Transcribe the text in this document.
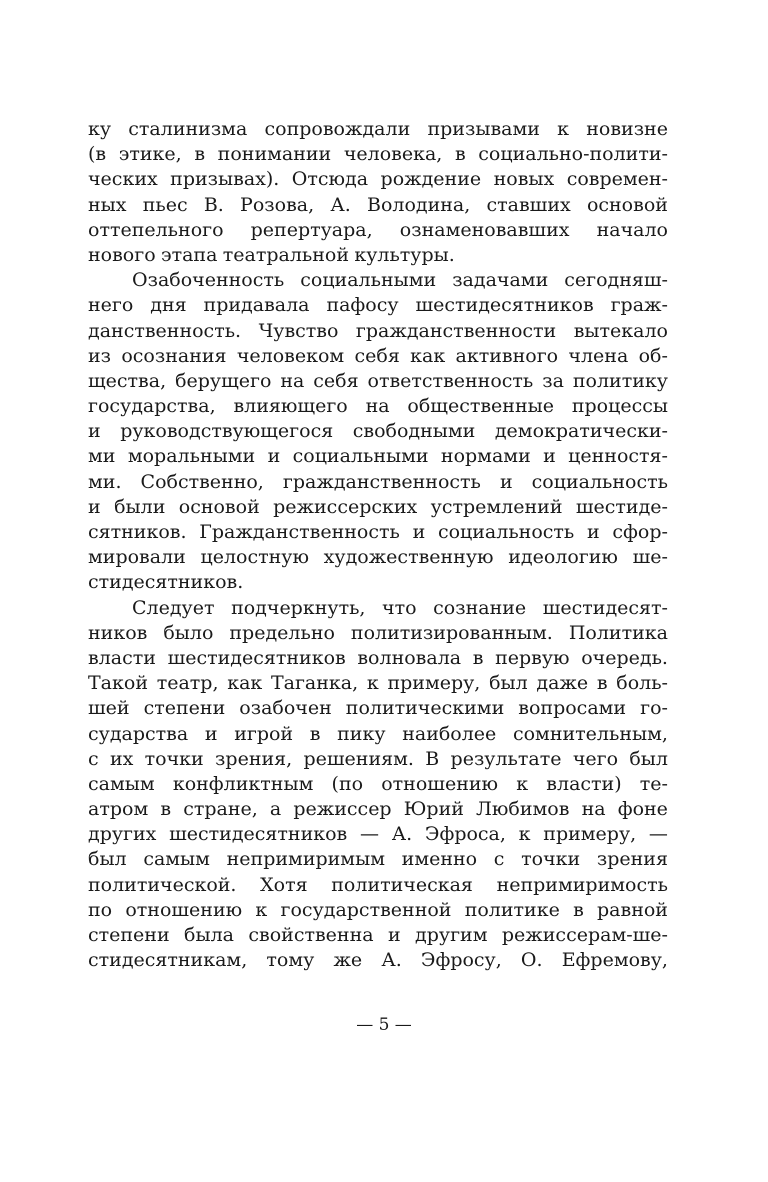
ку сталинизма сопровождали призывами к новизне
(в этике, в понимании человека, в социально-полити-
ческих призывах). Отсюда рождение новых современ-
ных пьес В. Розова, А. Володина, ставших основой
оттепельного репертуара, ознаменовавших начало
нового этапа театральной культуры.
Озабоченность социальными задачами сегодняш-
него дня придавала пафосу шестидесятников граж-
данственность. Чувство гражданственности вытекало
из осознания человеком себя как активного члена об-
щества, берущего на себя ответственность за политику
государства, влияющего на общественные процессы
и руководствующегося свободными демократически-
ми моральными и социальными нормами и ценностя-
ми. Собственно, гражданственность и социальность
и были основой режиссерских устремлений шестидe-
сятников. Гражданственность и социальность и сфор-
мировали целостную художественную идеологию ше-
стидесятников.
Следует подчеркнуть, что сознание шестидесят-
ников было предельно политизированным. Политика
власти шестидесятников волновала в первую очередь.
Такой театр, как Таганка, к примеру, был даже в боль-
шей степени озабочен политическими вопросами го-
сударства и игрой в пику наиболее сомнительным,
с их точки зрения, решениям. В результате чего был
самым конфликтным (по отношению к власти) те-
атром в стране, а режиссер Юрий Любимов на фоне
других шестидесятников — А. Эфроса, к примеру, —
был самым непримиримым именно с точки зрения
политической. Хотя политическая непримиримость
по отношению к государственной политике в равной
степени была свойственна и другим режиссерам-ше-
стидесятникам, тому же А. Эфросу, О. Ефремову,
— 5 —
